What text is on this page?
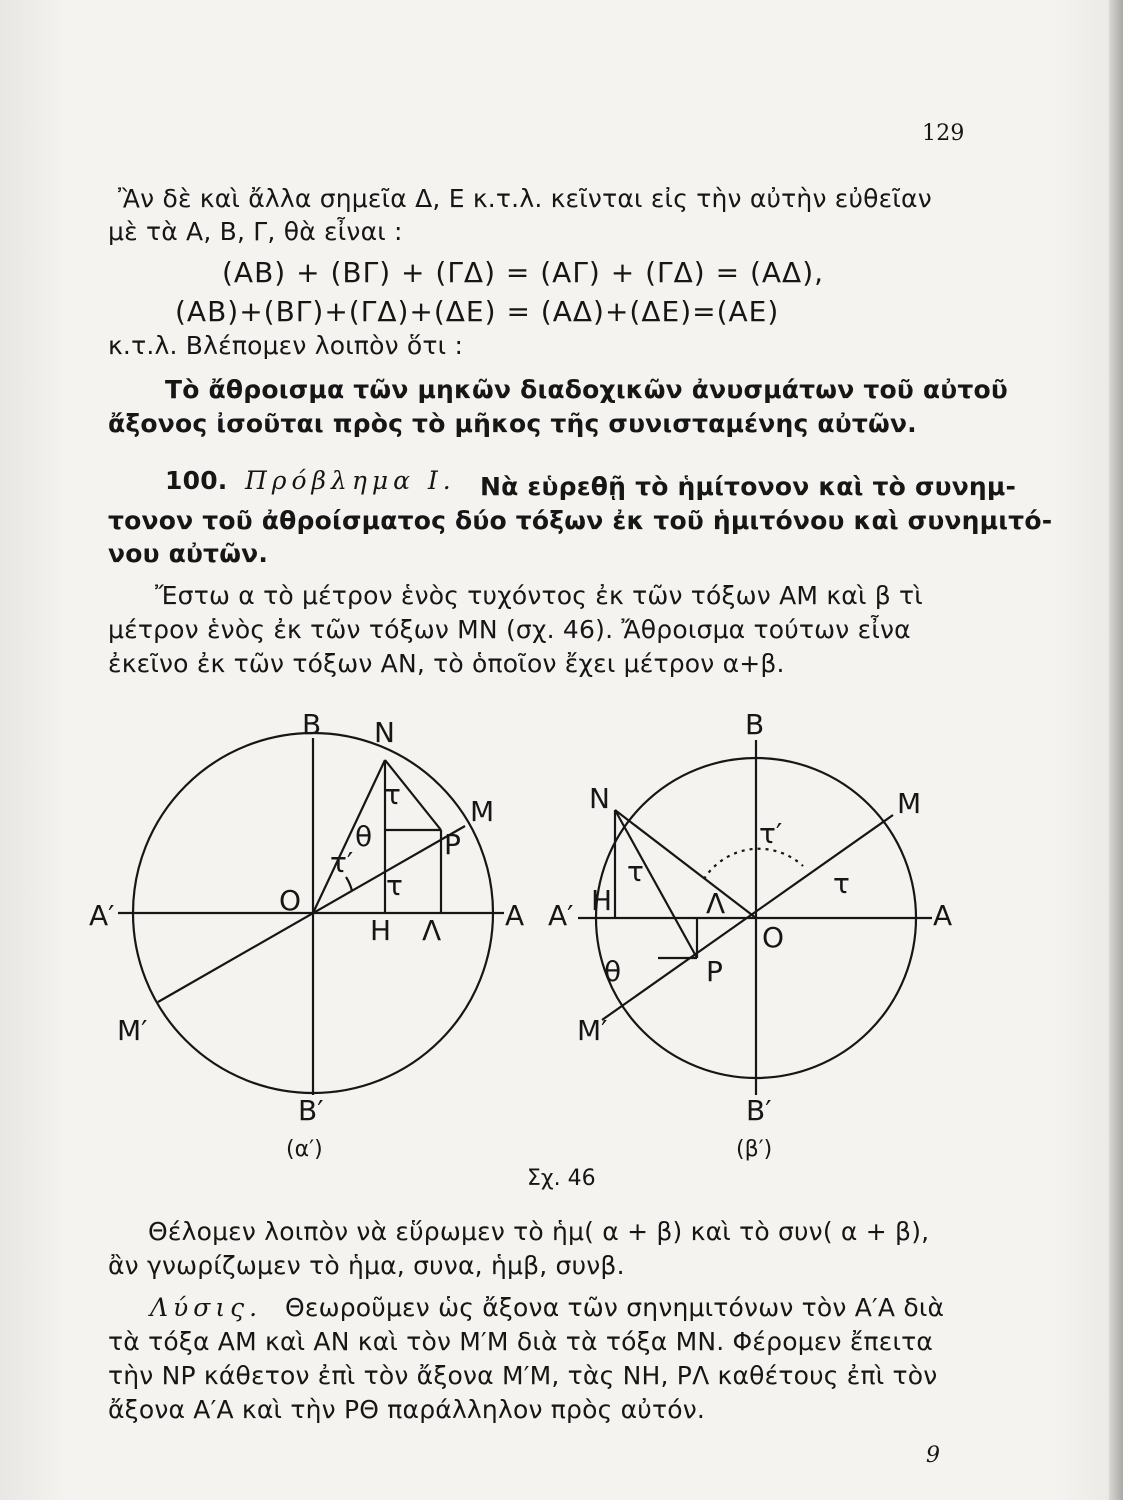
129
Ἂν δὲ καὶ ἄλλα σημεῖα Δ, Ε κ.τ.λ. κεῖνται εἰς τὴν αὐτὴν εὐθεῖαν
μὲ τὰ Α, Β, Γ, θὰ εἶναι :
(AB) + (BΓ) + (ΓΔ) = (AΓ) + (ΓΔ) = (AΔ),
(AB)+(BΓ)+(ΓΔ)+(ΔE) = (AΔ)+(ΔE)=(AE)
κ.τ.λ. Βλέπομεν λοιπὸν ὅτι :
Τὸ ἄθροισμα τῶν μηκῶν διαδοχικῶν ἀνυσμάτων τοῦ αὐτοῦ
ἄξονος ἰσοῦται πρὸς τὸ μῆκος τῆς συνισταμένης αὐτῶν.
100. Πρόβλημα Ι. Νὰ εὑρεθῇ τὸ ἡμίτονον καὶ τὸ συνημ-
τονον τοῦ ἀθροίσματος δύο τόξων ἐκ τοῦ ἡμιτόνου καὶ συνημιτό-
νου αὐτῶν.
Ἔστω α τὸ μέτρον ἑνὸς τυχόντος ἐκ τῶν τόξων ΑΜ καὶ β τὶ
μέτρον ἑνὸς ἐκ τῶν τόξων ΜΝ (σχ. 46). Ἄθροισμα τούτων εἶνα
ἐκεῖνο ἐκ τῶν τόξων ΑΝ, τὸ ὁποῖον ἔχει μέτρον α+β.
B N
M
P
θ
τ
τ′
τ
O
A′	A
H Λ
M′
B′
(α′)
B
N	M
τ′
τ	τ
H	Λ
O
A′	A
θ	P
M′
B′
(β′)
Σχ. 46
Θέλομεν λοιπὸν νὰ εὕρωμεν τὸ ἡμ( α + β) καὶ τὸ συν( α + β),
ἂν γνωρίζωμεν τὸ ἡμα, συνα, ἡμβ, συνβ.
Λύσις. Θεωροῦμεν ὡς ἄξονα τῶν σηνημιτόνων τὸν Α′Α διὰ
τὰ τόξα ΑΜ καὶ ΑΝ καὶ τὸν Μ′Μ διὰ τὰ τόξα ΜΝ. Φέρομεν ἔπειτα
τὴν ΝΡ κάθετον ἐπὶ τὸν ἄξονα Μ′Μ, τὰς ΝΗ, ΡΛ καθέτους ἐπὶ τὸν
ἄξονα Α′Α καὶ τὴν ΡΘ παράλληλον πρὸς αὐτόν.
9
